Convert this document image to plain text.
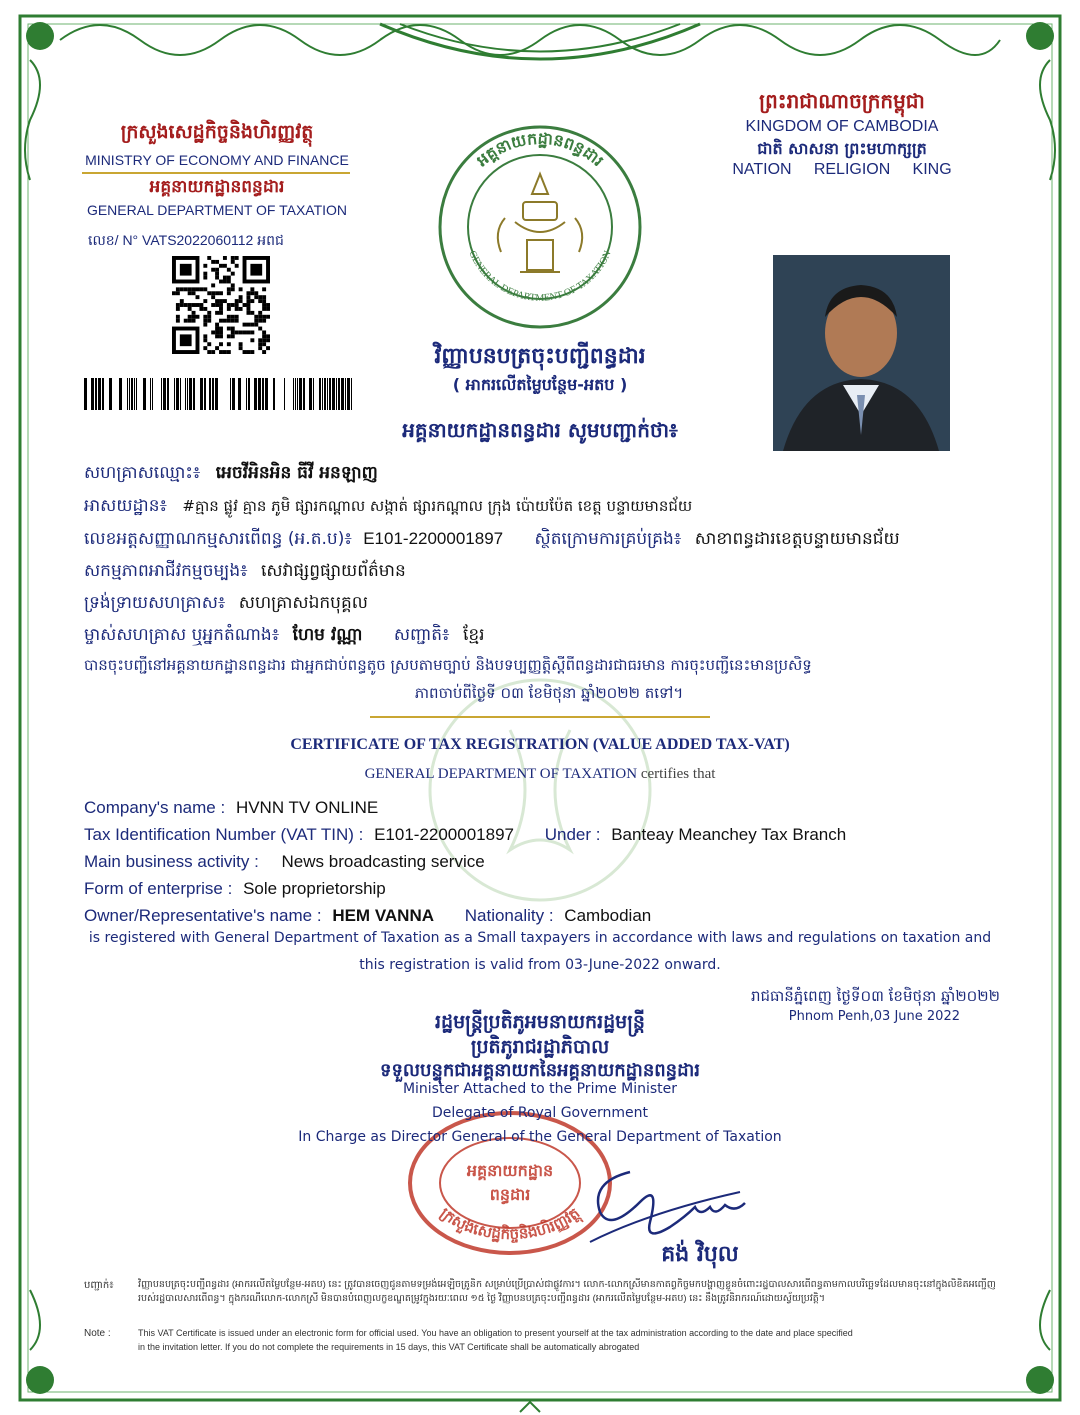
ក្រសួងសេដ្ឋកិច្ចនិងហិរញ្ញវត្ថុ
MINISTRY OF ECONOMY AND FINANCE
អគ្គនាយកដ្ឋានពន្ធដារ
GENERAL DEPARTMENT OF TAXATION
លេខ/ N° VATS2022060112 អពជ
ព្រះរាជាណាចក្រកម្ពុជា
KINGDOM OF CAMBODIA
ជាតិ សាសនា ព្រះមហាក្សត្រ
NATION     RELIGION     KING
អគ្គនាយកដ្ឋានពន្ធដារ
GENERAL DEPARTMENT OF TAXATION
វិញ្ញាបនបត្រចុះបញ្ជីពន្ធដារ
( អាករលើតម្លៃបន្ថែម-អតប )
អគ្គនាយកដ្ឋានពន្ធដារ សូមបញ្ជាក់ថា៖
សហគ្រាសឈ្មោះ៖ អេចវីអិនអិន ធីវី អនឡាញ
អាសយដ្ឋាន៖ #គ្មាន ផ្លូវ គ្មាន ភូមិ ផ្សារកណ្ដាល សង្កាត់ ផ្សារកណ្ដាល ក្រុង ប៉ោយប៉ែត ខេត្ត បន្ទាយមានជ័យ
លេខអត្តសញ្ញាណកម្មសារពើពន្ធ (អ.ត.ប)៖ E101-2200001897 ស្ថិតក្រោមការគ្រប់គ្រង៖ សាខាពន្ធដារខេត្តបន្ទាយមានជ័យ
សកម្មភាពអាជីវកម្មចម្បង៖ សេវាផ្សព្វផ្សាយព័ត៌មាន
ទ្រង់ទ្រាយសហគ្រាស៖ សហគ្រាសឯកបុគ្គល
ម្ចាស់សហគ្រាស ឬអ្នកតំណាង៖ ហែម វណ្ណា សញ្ជាតិ៖ ខ្មែរ
បានចុះបញ្ជីនៅអគ្គនាយកដ្ឋានពន្ធដារ ជាអ្នកជាប់ពន្ធតូច ស្របតាមច្បាប់ និងបទប្បញ្ញត្តិស្តីពីពន្ធដារជាធរមាន ការចុះបញ្ជីនេះមានប្រសិទ្ធ
ភាពចាប់ពីថ្ងៃទី ០៣ ខែមិថុនា ឆ្នាំ២០២២ តទៅ។
CERTIFICATE OF TAX REGISTRATION (VALUE ADDED TAX-VAT)
GENERAL DEPARTMENT OF TAXATION certifies that
Company's name : HVNN TV ONLINE
Tax Identification Number (VAT TIN) : E101-2200001897 Under : Banteay Meanchey Tax Branch
Main business activity : News broadcasting service
Form of enterprise : Sole proprietorship
Owner/Representative's name : HEM VANNA Nationality : Cambodian
is registered with General Department of Taxation as a Small taxpayers in accordance with laws and regulations on taxation and
this registration is valid from 03-June-2022 onward.
រាជធានីភ្នំពេញ ថ្ងៃទី០៣ ខែមិថុនា ឆ្នាំ២០២២
Phnom Penh,03 June 2022
រដ្ឋមន្ត្រីប្រតិភូអមនាយករដ្ឋមន្ត្រី
ប្រតិភូរាជរដ្ឋាភិបាល
ទទួលបន្ទុកជាអគ្គនាយកនៃអគ្គនាយកដ្ឋានពន្ធដារ
ក្រសួងសេដ្ឋកិច្ចនិងហិរញ្ញវត្ថុ
អគ្គនាយកដ្ឋាន
ពន្ធដារ
Minister Attached to the Prime Minister
Delegate of Royal Government
In Charge as Director General of the General Department of Taxation
គង់ វិបុល
បញ្ជាក់៖	វិញ្ញាបនបត្រចុះបញ្ជីពន្ធដារ (អាករលើតម្លៃបន្ថែម-អតប) នេះ ត្រូវបានចេញជូនតាមទម្រង់អេឡិចត្រូនិក សម្រាប់ប្រើប្រាស់ជាផ្លូវការ។ លោក-លោកស្រីមានកាតព្វកិច្ចមកបង្ហាញខ្លួនចំពោះរដ្ឋបាលសារពើពន្ធតាមកាលបរិច្ឆេទដែលមានចុះនៅក្នុងលិខិតអញ្ជើញរបស់រដ្ឋបាលសារពើពន្ធ។ ក្នុងករណីលោក-លោកស្រី មិនបានបំពេញលក្ខខណ្ឌតម្រូវក្នុងរយៈពេល ១៥ ថ្ងៃ វិញ្ញាបនបត្រចុះបញ្ជីពន្ធដារ (អាករលើតម្លៃបន្ថែម-អតប) នេះ នឹងត្រូវនិរាករណ៍ដោយស្វ័យប្រវត្តិ។
Note :	This VAT Certificate is issued under an electronic form for official used. You have an obligation to present yourself at the tax administration according to the date and place specified
in the invitation letter. If you do not complete the requirements in 15 days, this VAT Certificate shall be automatically abrogated
